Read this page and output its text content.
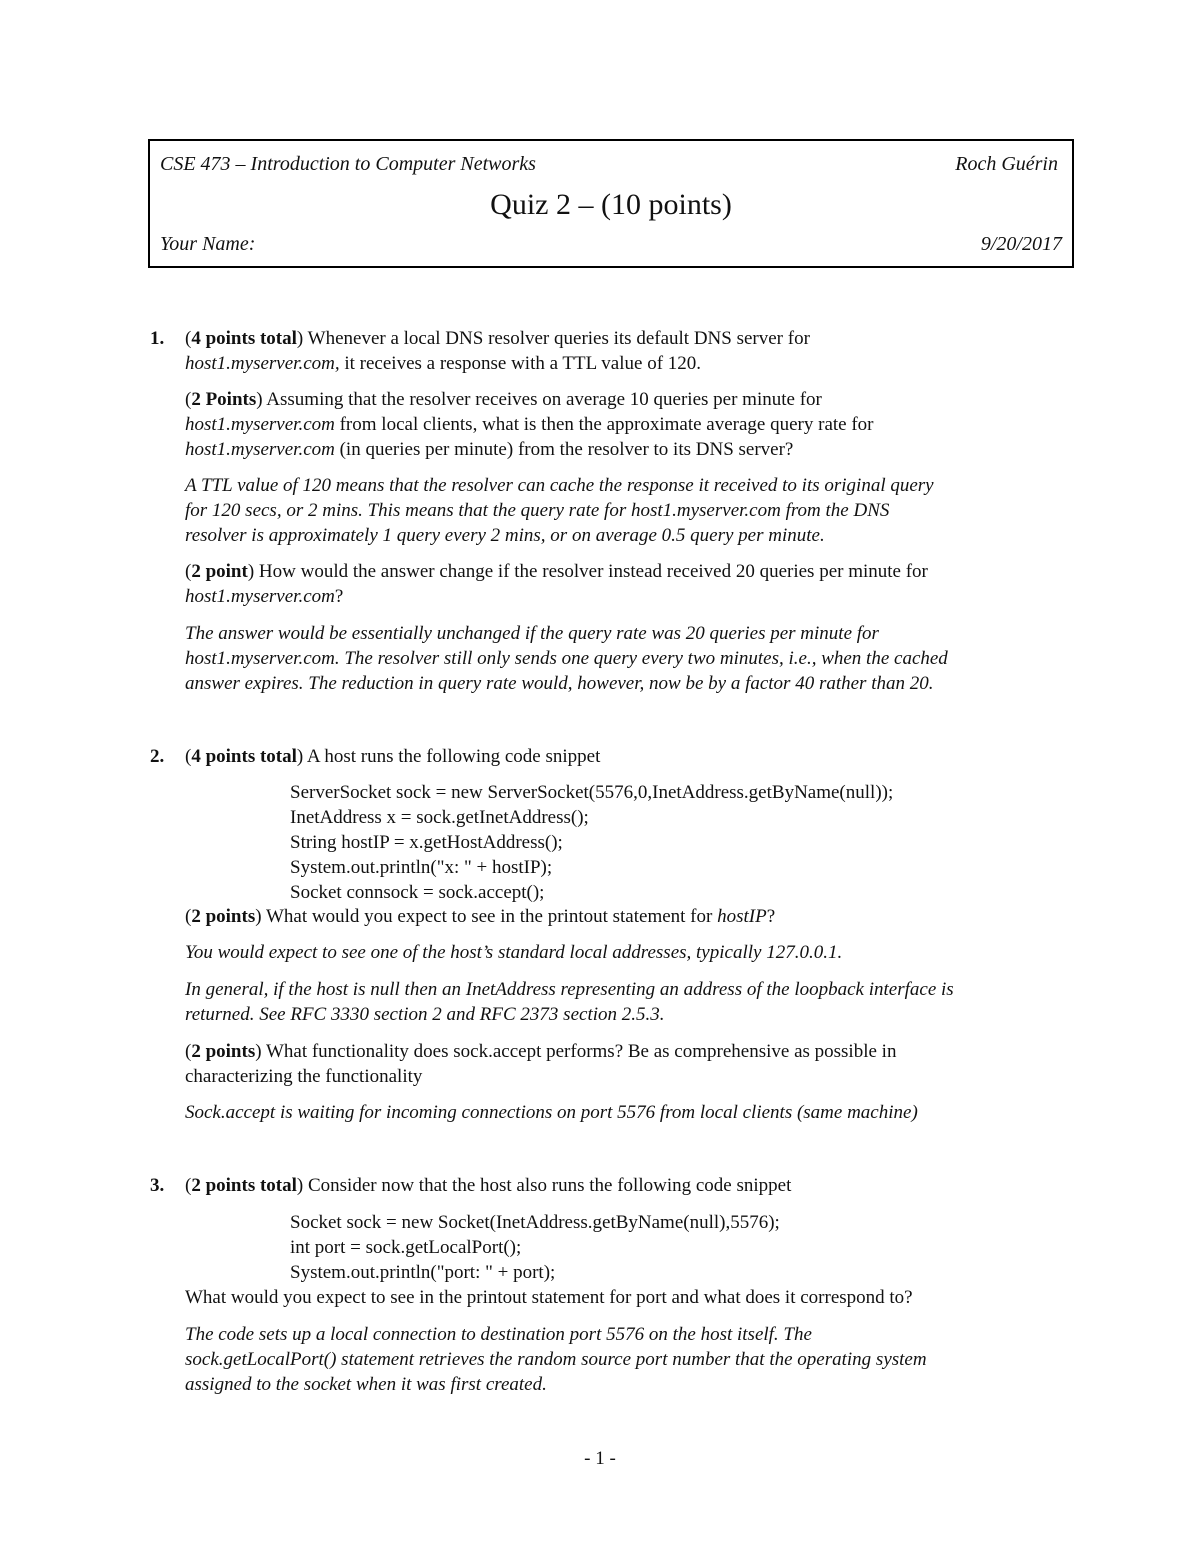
CSE 473 – Introduction to Computer Networks	Roch Guérin
Quiz 2 – (10 points)
Your Name:	9/20/2017
1. (4 points total) Whenever a local DNS resolver queries its default DNS server for
host1.myserver.com, it receives a response with a TTL value of 120.
(2 Points) Assuming that the resolver receives on average 10 queries per minute for
host1.myserver.com from local clients, what is then the approximate average query rate for
host1.myserver.com (in queries per minute) from the resolver to its DNS server?
A TTL value of 120 means that the resolver can cache the response it received to its original query
for 120 secs, or 2 mins. This means that the query rate for host1.myserver.com from the DNS
resolver is approximately 1 query every 2 mins, or on average 0.5 query per minute.
(2 point) How would the answer change if the resolver instead received 20 queries per minute for
host1.myserver.com?
The answer would be essentially unchanged if the query rate was 20 queries per minute for
host1.myserver.com. The resolver still only sends one query every two minutes, i.e., when the cached
answer expires. The reduction in query rate would, however, now be by a factor 40 rather than 20.
2. (4 points total) A host runs the following code snippet
ServerSocket sock = new ServerSocket(5576,0,InetAddress.getByName(null));
InetAddress x = sock.getInetAddress();
String hostIP = x.getHostAddress();
System.out.println("x: " + hostIP);
Socket connsock = sock.accept();
(2 points) What would you expect to see in the printout statement for hostIP?
You would expect to see one of the host’s standard local addresses, typically 127.0.0.1.
In general, if the host is null then an InetAddress representing an address of the loopback interface is
returned. See RFC 3330 section 2 and RFC 2373 section 2.5.3.
(2 points) What functionality does sock.accept performs? Be as comprehensive as possible in
characterizing the functionality
Sock.accept is waiting for incoming connections on port 5576 from local clients (same machine)
3. (2 points total) Consider now that the host also runs the following code snippet
Socket sock = new Socket(InetAddress.getByName(null),5576);
int port = sock.getLocalPort();
System.out.println("port: " + port);
What would you expect to see in the printout statement for port and what does it correspond to?
The code sets up a local connection to destination port 5576 on the host itself. The
sock.getLocalPort() statement retrieves the random source port number that the operating system
assigned to the socket when it was first created.
- 1 -
